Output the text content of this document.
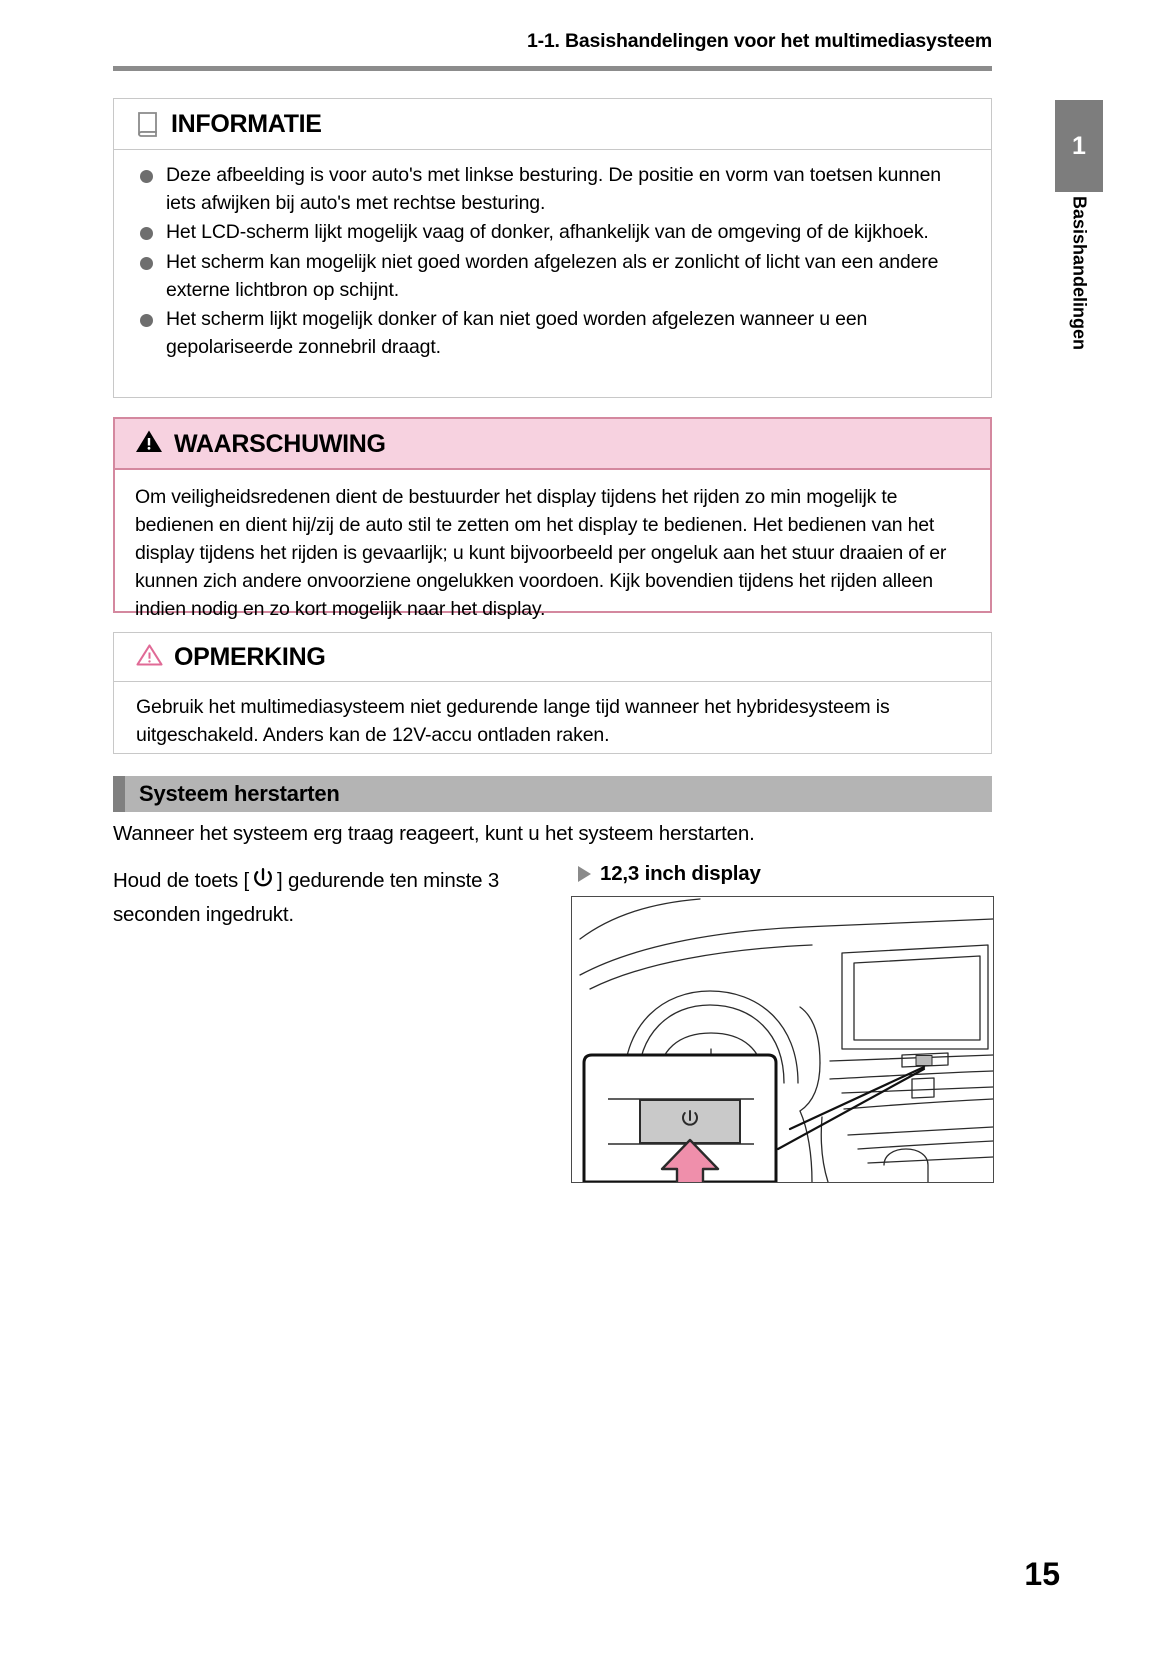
1-1. Basishandelingen voor het multimediasysteem
1
Basishandelingen
INFORMATIE
Deze afbeelding is voor auto's met linkse besturing. De positie en vorm van toetsen kunnen iets afwijken bij auto's met rechtse besturing.
Het LCD-scherm lijkt mogelijk vaag of donker, afhankelijk van de omgeving of de kijkhoek.
Het scherm kan mogelijk niet goed worden afgelezen als er zonlicht of licht van een andere externe lichtbron op schijnt.
Het scherm lijkt mogelijk donker of kan niet goed worden afgelezen wanneer u een gepolariseerde zonnebril draagt.
WAARSCHUWING
Om veiligheidsredenen dient de bestuurder het display tijdens het rijden zo min mogelijk te bedienen en dient hij/zij de auto stil te zetten om het display te bedienen. Het bedienen van het display tijdens het rijden is gevaarlijk; u kunt bijvoorbeeld per ongeluk aan het stuur draaien of er kunnen zich andere onvoorziene ongelukken voordoen. Kijk bovendien tijdens het rijden alleen indien nodig en zo kort mogelijk naar het display.
OPMERKING
Gebruik het multimediasysteem niet gedurende lange tijd wanneer het hybridesysteem is uitgeschakeld. Anders kan de 12V-accu ontladen raken.
Systeem herstarten
Wanneer het systeem erg traag reageert, kunt u het systeem herstarten.
Houd de toets [ ] gedurende ten minste 3 seconden ingedrukt.
12,3 inch display
15
